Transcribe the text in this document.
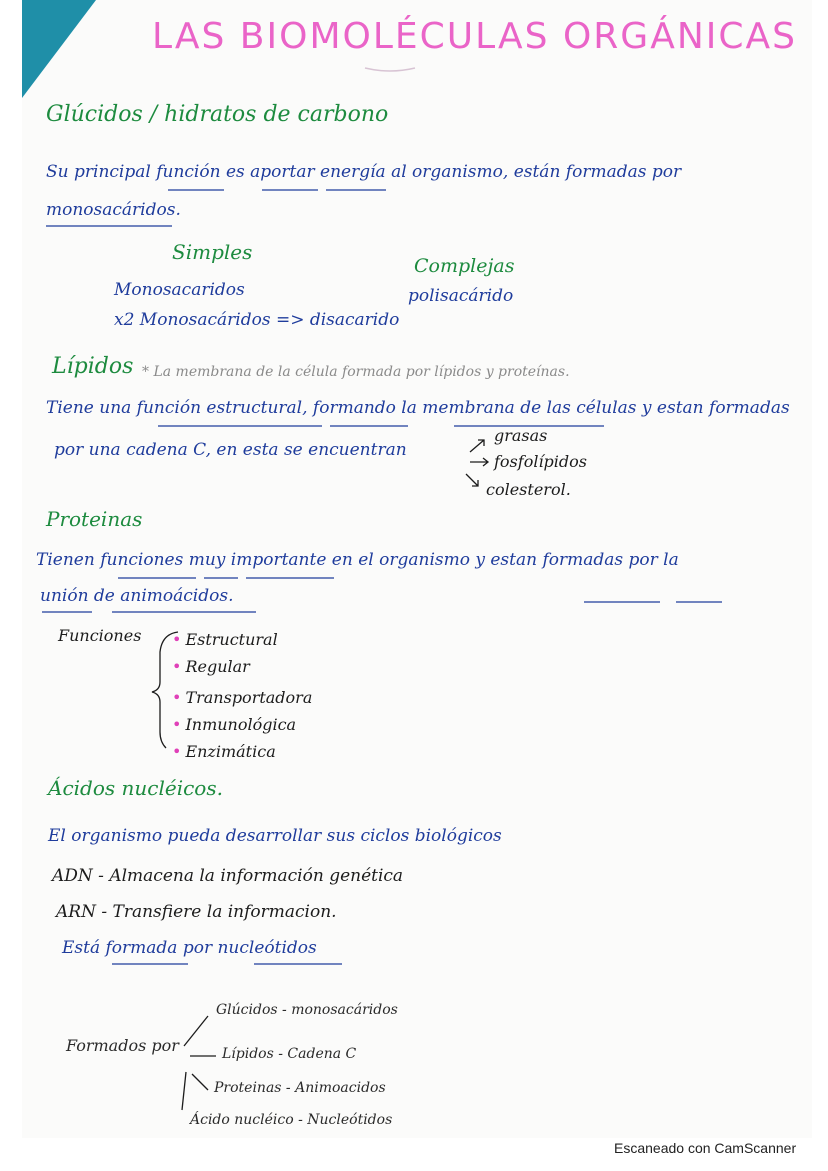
LAS BIOMOLÉCULAS ORGÁNICAS
Glúcidos / hidratos de carbono
Su principal función es aportar energía al organismo, están formadas por
monosacáridos.
Simples
Monosacaridos
x2 Monosacáridos => disacarido
Complejas
polisacárido
Lípidos * La membrana de la célula formada por lípidos y proteínas.
Tiene una función estructural, formando la membrana de las células y estan formadas
por una cadena C, en esta se encuentran
grasas
fosfolípidos
colesterol.
Proteinas
Tienen funciones muy importante en el organismo y estan formadas por la
unión de animoácidos.
Funciones • Estructural
• Regular
• Transportadora
• Inmunológica
• Enzimática
Ácidos nucléicos.
El organismo pueda desarrollar sus ciclos biológicos
ADN - Almacena la información genética
ARN - Transfiere la informacion.
Está formada por nucleótidos
Formados por
Glúcidos - monosacáridos
Lípidos - Cadena C
Proteinas - Animoacidos
Ácido nucléico - Nucleótidos
Escaneado con CamScanner
